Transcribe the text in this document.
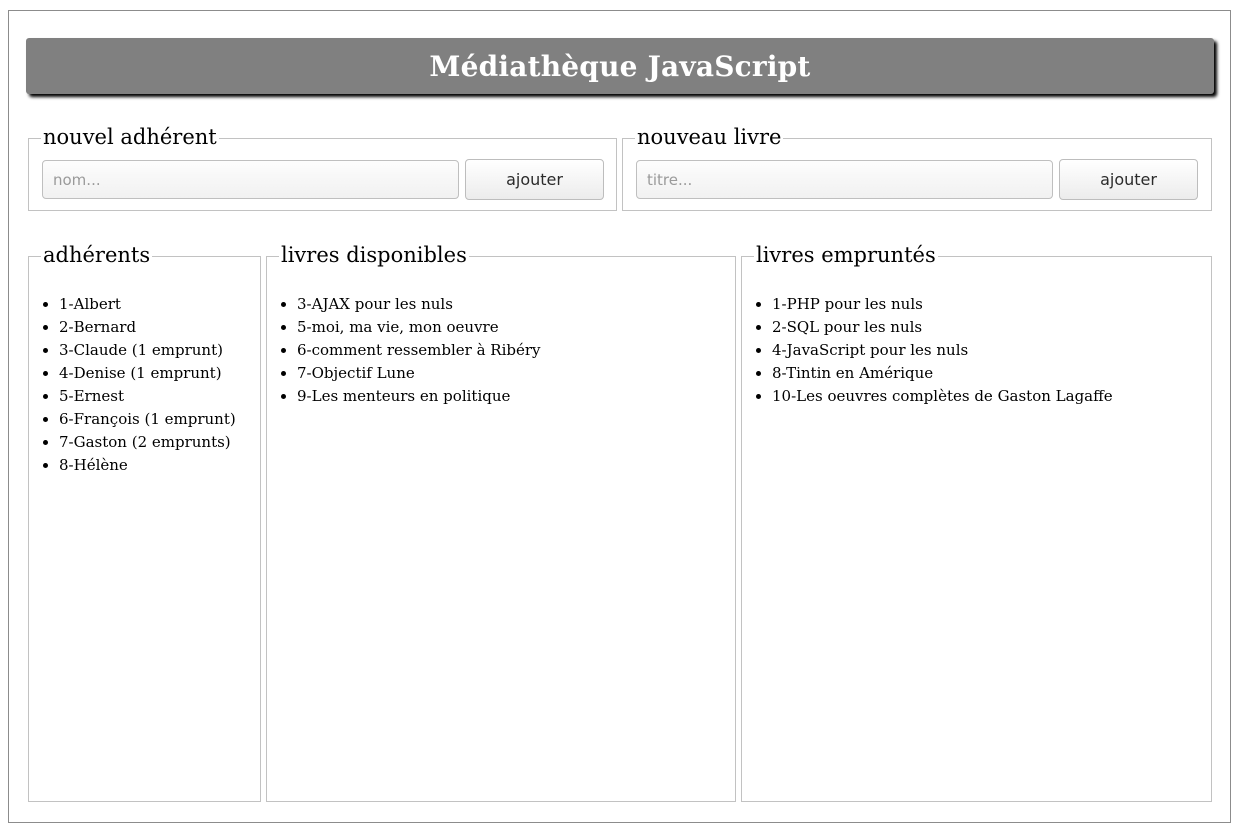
Médiathèque JavaScript
nouvel adhérent
nom...
ajouter
nouveau livre
titre...
ajouter
adhérents
• 1-Albert
• 2-Bernard
• 3-Claude (1 emprunt)
• 4-Denise (1 emprunt)
• 5-Ernest
• 6-François (1 emprunt)
• 7-Gaston (2 emprunts)
• 8-Hélène
livres disponibles
• 3-AJAX pour les nuls
• 5-moi, ma vie, mon oeuvre
• 6-comment ressembler à Ribéry
• 7-Objectif Lune
• 9-Les menteurs en politique
livres empruntés
• 1-PHP pour les nuls
• 2-SQL pour les nuls
• 4-JavaScript pour les nuls
• 8-Tintin en Amérique
• 10-Les oeuvres complètes de Gaston Lagaffe
